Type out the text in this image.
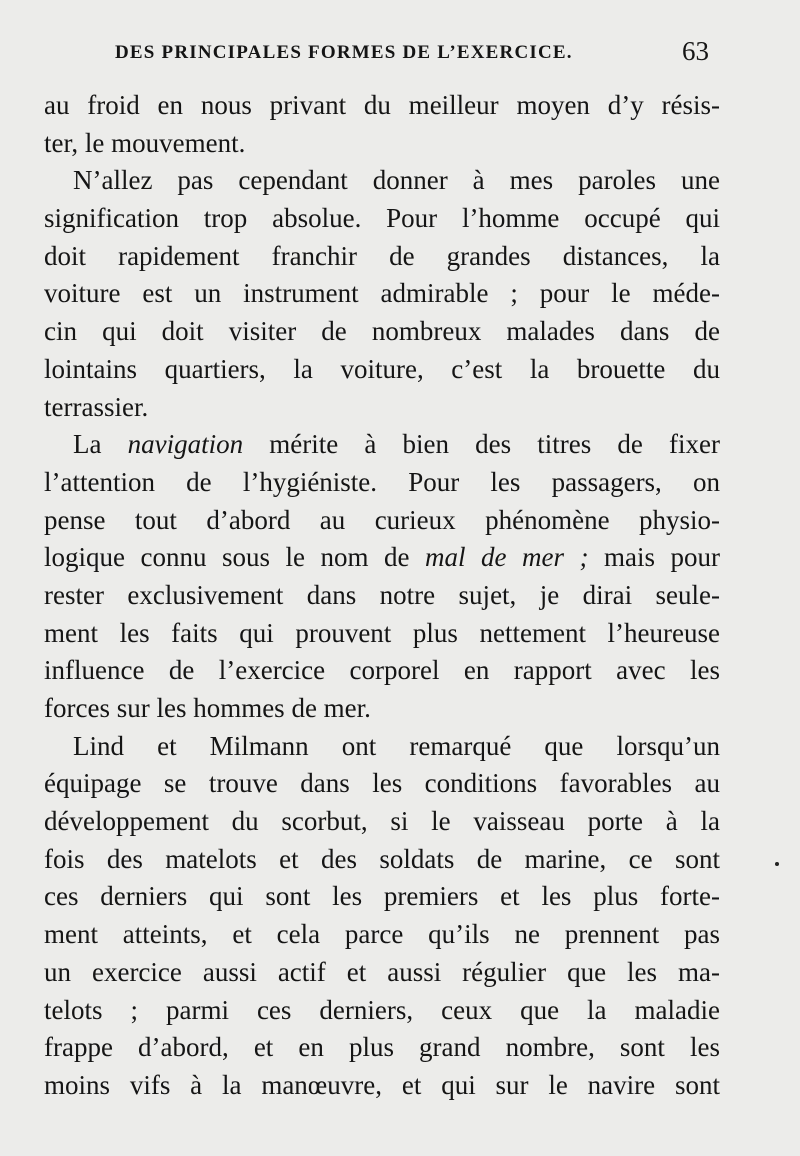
DES PRINCIPALES FORMES DE L’EXERCICE.	63
au froid en nous privant du meilleur moyen d’y résis-
ter, le mouvement.
N’allez pas cependant donner à mes paroles une
signification trop absolue. Pour l’homme occupé qui
doit rapidement franchir de grandes distances, la
voiture est un instrument admirable ; pour le méde-
cin qui doit visiter de nombreux malades dans de
lointains quartiers, la voiture, c’est la brouette du
terrassier.
La navigation mérite à bien des titres de fixer
l’attention de l’hygiéniste. Pour les passagers, on
pense tout d’abord au curieux phénomène physio-
logique connu sous le nom de mal de mer ; mais pour
rester exclusivement dans notre sujet, je dirai seule-
ment les faits qui prouvent plus nettement l’heureuse
influence de l’exercice corporel en rapport avec les
forces sur les hommes de mer.
Lind et Milmann ont remarqué que lorsqu’un
équipage se trouve dans les conditions favorables au
développement du scorbut, si le vaisseau porte à la
fois des matelots et des soldats de marine, ce sont
ces derniers qui sont les premiers et les plus forte-
ment atteints, et cela parce qu’ils ne prennent pas
un exercice aussi actif et aussi régulier que les ma-
telots ; parmi ces derniers, ceux que la maladie
frappe d’abord, et en plus grand nombre, sont les
moins vifs à la manœuvre, et qui sur le navire sont
